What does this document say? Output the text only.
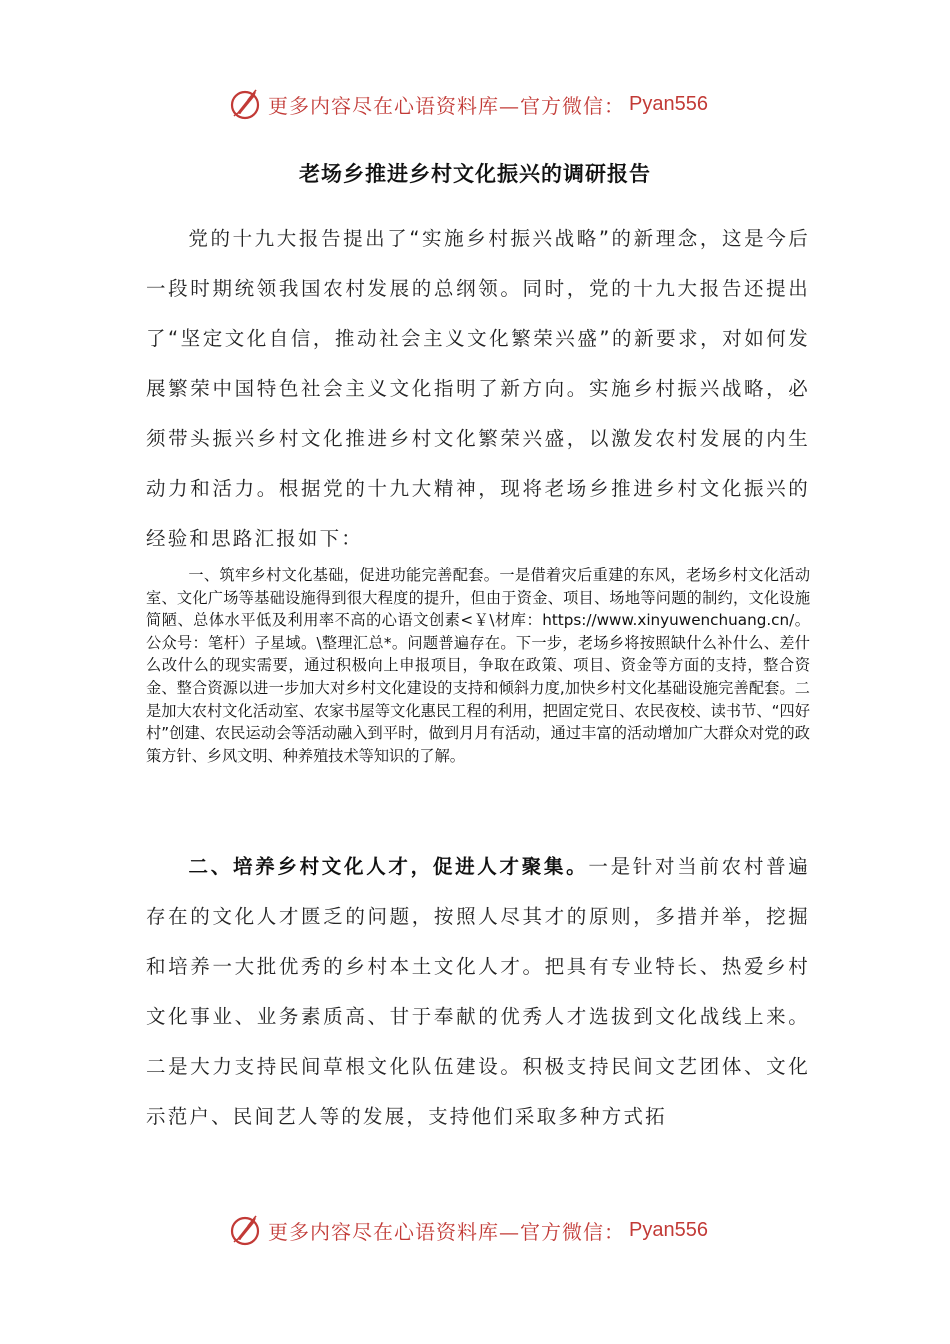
更多内容尽在心语资料库—官方微信： Pyan556
老场乡推进乡村文化振兴的调研报告

党的十九大报告提出了“实施乡村振兴战略”的新理念，这是今后一段时期统领我国农村发展的总纲领。同时，党的十九大报告还提出了“坚定文化自信，推动社会主义文化繁荣兴盛”的新要求，对如何发展繁荣中国特色社会主义文化指明了新方向。实施乡村振兴战略，必须带头振兴乡村文化推进乡村文化繁荣兴盛，以激发农村发展的内生动力和活力。根据党的十九大精神，现将老场乡推进乡村文化振兴的经验和思路汇报如下：

一、筑牢乡村文化基础，促进功能完善配套。一是借着灾后重建的东风，老场乡村文化活动室、文化广场等基础设施得到很大程度的提升，但由于资金、项目、场地等问题的制约，文化设施简陋、总体水平低及利用率不高的心语文创素<￥\材库：https://www.xinyuwenchuang.cn/。公众号：笔杆）子星域。\整理汇总*。问题普遍存在。下一步，老场乡将按照缺什么补什么、差什么改什么的现实需要，通过积极向上申报项目，争取在政策、项目、资金等方面的支持，整合资金、整合资源以进一步加大对乡村文化建设的支持和倾斜力度,加快乡村文化基础设施完善配套。二是加大农村文化活动室、农家书屋等文化惠民工程的利用，把固定党日、农民夜校、读书节、“四好村”创建、农民运动会等活动融入到平时，做到月月有活动，通过丰富的活动增加广大群众对党的政策方针、乡风文明、种养殖技术等知识的了解。

二、培养乡村文化人才，促进人才聚集。一是针对当前农村普遍存在的文化人才匮乏的问题，按照人尽其才的原则，多措并举，挖掘和培养一大批优秀的乡村本土文化人才。把具有专业特长、热爱乡村文化事业、业务素质高、甘于奉献的优秀人才选拔到文化战线上来。二是大力支持民间草根文化队伍建设。积极支持民间文艺团体、文化示范户、民间艺人等的发展，支持他们采取多种方式拓

更多内容尽在心语资料库—官方微信： Pyan556
